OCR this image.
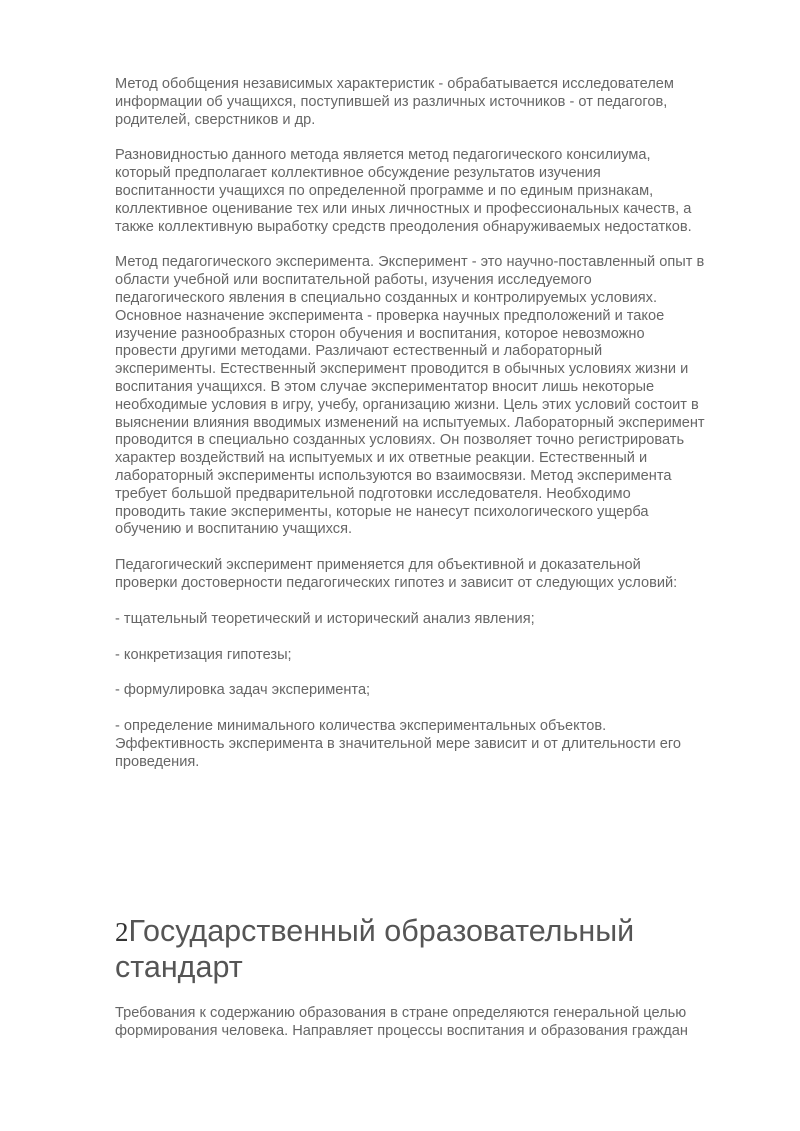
Метод обобщения независимых характеристик - обрабатывается исследователем
информации об учащихся, поступившей из различных источников - от педагогов,
родителей, сверстников и др.

Разновидностью данного метода является метод педагогического консилиума,
который предполагает коллективное обсуждение результатов изучения
воспитанности учащихся по определенной программе и по единым признакам,
коллективное оценивание тех или иных личностных и профессиональных качеств, а
также коллективную выработку средств преодоления обнаруживаемых недостатков.

Метод педагогического эксперимента. Эксперимент - это научно-поставленный опыт в
области учебной или воспитательной работы, изучения исследуемого
педагогического явления в специально созданных и контролируемых условиях.
Основное назначение эксперимента - проверка научных предположений и такое
изучение разнообразных сторон обучения и воспитания, которое невозможно
провести другими методами. Различают естественный и лабораторный
эксперименты. Естественный эксперимент проводится в обычных условиях жизни и
воспитания учащихся. В этом случае экспериментатор вносит лишь некоторые
необходимые условия в игру, учебу, организацию жизни. Цель этих условий состоит в
выяснении влияния вводимых изменений на испытуемых. Лабораторный эксперимент
проводится в специально созданных условиях. Он позволяет точно регистрировать
характер воздействий на испытуемых и их ответные реакции. Естественный и
лабораторный эксперименты используются во взаимосвязи. Метод эксперимента
требует большой предварительной подготовки исследователя. Необходимо
проводить такие эксперименты, которые не нанесут психологического ущерба
обучению и воспитанию учащихся.

Педагогический эксперимент применяется для объективной и доказательной
проверки достоверности педагогических гипотез и зависит от следующих условий:

- тщательный теоретический и исторический анализ явления;

- конкретизация гипотезы;

- формулировка задач эксперимента;

- определение минимального количества экспериментальных объектов.
Эффективность эксперимента в значительной мере зависит и от длительности его
проведения.

2Государственный образовательный
стандарт

Требования к содержанию образования в стране определяются генеральной целью
формирования человека. Направляет процессы воспитания и образования граждан
